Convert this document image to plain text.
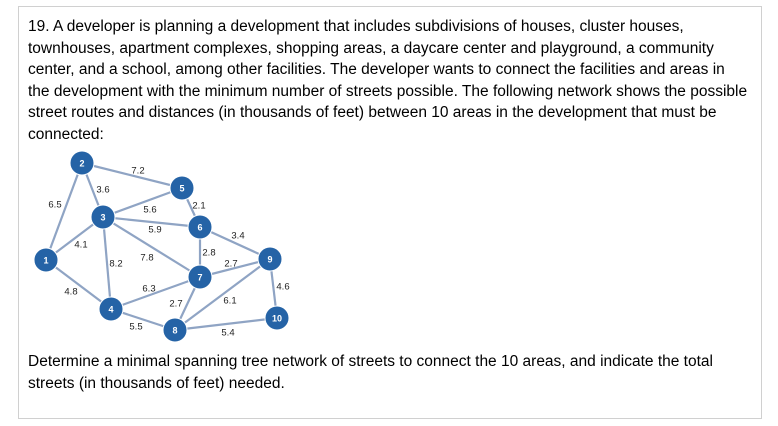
19. A developer is planning a development that includes subdivisions of houses, cluster houses, townhouses, apartment complexes, shopping areas, a daycare center and playground, a community center, and a school, among other facilities. The developer wants to connect the facilities and areas in the development with the minimum number of streets possible. The following network shows the possible street routes and distances (in thousands of feet) between 10 areas in the development that must be connected:

6.5
4.1
4.8
3.6
7.2
5.6
5.9
8.2
7.8
2.1
3.4
2.8
2.7
6.3
2.7
5.5
6.1
4.6
5.4
1
2
3
4
5
6
7
8
9
10

Determine a minimal spanning tree network of streets to connect the 10 areas, and indicate the total streets (in thousands of feet) needed.
